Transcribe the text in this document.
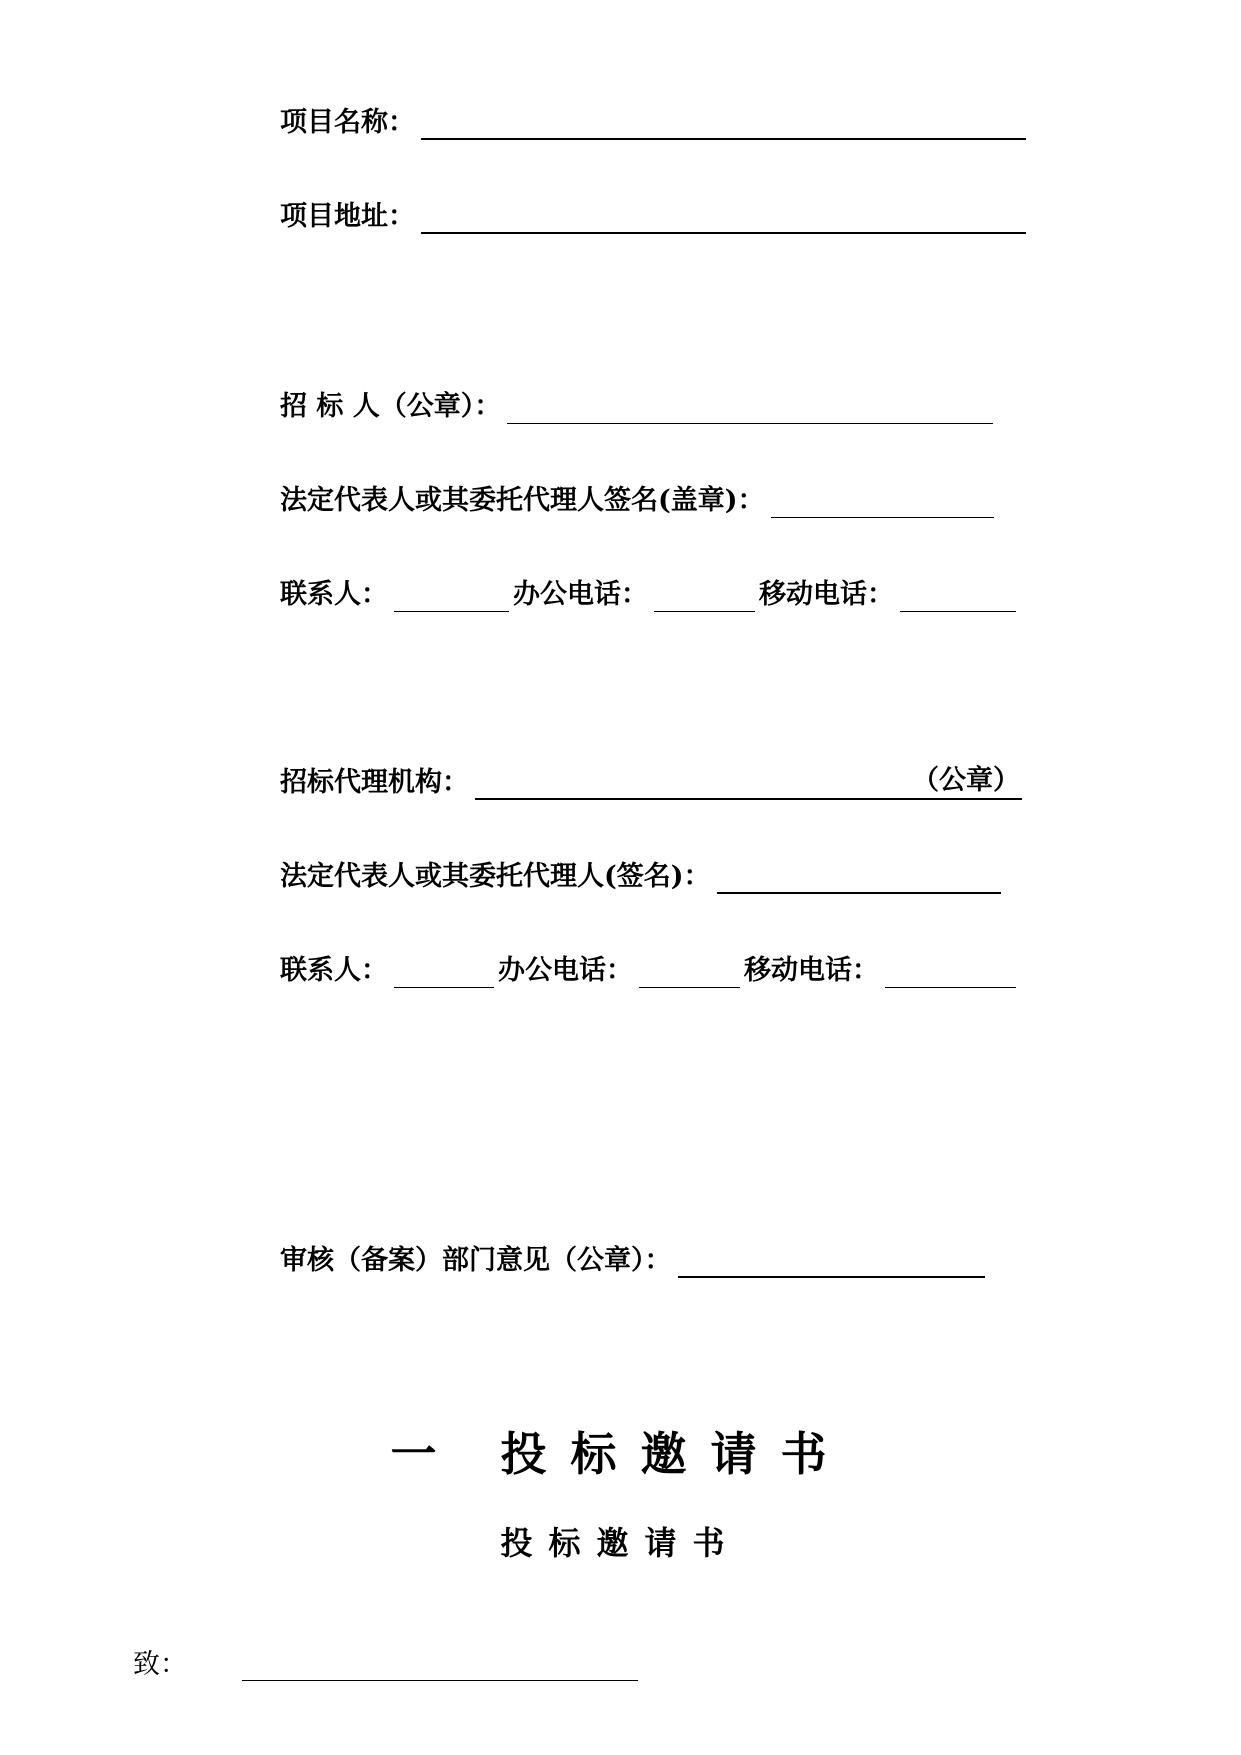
项目名称：
项目地址：
招 标 人（公章）：
法定代表人或其委托代理人签名(盖章)：
联系人：	办公电话：	移动电话：
招标代理机构：	（公章）
法定代表人或其委托代理人(签名)：
联系人：	办公电话：	移动电话：
审核（备案）部门意见（公章）：
一 投标邀请书
投标邀请书
致：
